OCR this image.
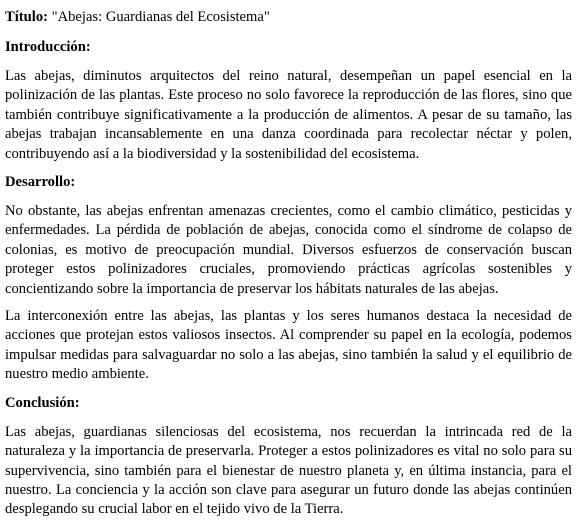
Título: "Abejas: Guardianas del Ecosistema"

Introducción:

Las abejas, diminutos arquitectos del reino natural, desempeñan un papel esencial en la polinización de las plantas. Este proceso no solo favorece la reproducción de las flores, sino que también contribuye significativamente a la producción de alimentos. A pesar de su tamaño, las abejas trabajan incansablemente en una danza coordinada para recolectar néctar y polen, contribuyendo así a la biodiversidad y la sostenibilidad del ecosistema.

Desarrollo:

No obstante, las abejas enfrentan amenazas crecientes, como el cambio climático, pesticidas y enfermedades. La pérdida de población de abejas, conocida como el síndrome de colapso de colonias, es motivo de preocupación mundial. Diversos esfuerzos de conservación buscan proteger estos polinizadores cruciales, promoviendo prácticas agrícolas sostenibles y concientizando sobre la importancia de preservar los hábitats naturales de las abejas.

La interconexión entre las abejas, las plantas y los seres humanos destaca la necesidad de acciones que protejan estos valiosos insectos. Al comprender su papel en la ecología, podemos impulsar medidas para salvaguardar no solo a las abejas, sino también la salud y el equilibrio de nuestro medio ambiente.

Conclusión:

Las abejas, guardianas silenciosas del ecosistema, nos recuerdan la intrincada red de la naturaleza y la importancia de preservarla. Proteger a estos polinizadores es vital no solo para su supervivencia, sino también para el bienestar de nuestro planeta y, en última instancia, para el nuestro. La conciencia y la acción son clave para asegurar un futuro donde las abejas continúen desplegando su crucial labor en el tejido vivo de la Tierra.
